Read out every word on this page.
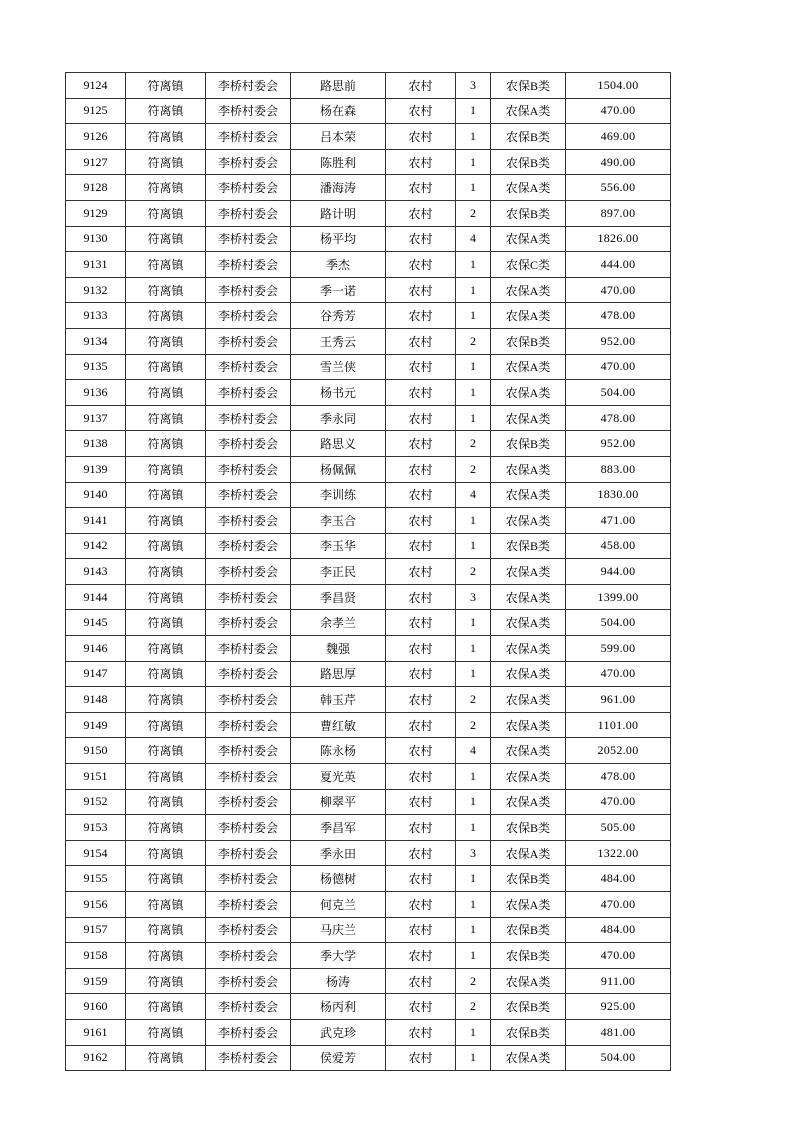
9124	符离镇	李桥村委会	路思前	农村	3	农保B类	1504.00
9125	符离镇	李桥村委会	杨在森	农村	1	农保A类	470.00
9126	符离镇	李桥村委会	吕本荣	农村	1	农保B类	469.00
9127	符离镇	李桥村委会	陈胜利	农村	1	农保B类	490.00
9128	符离镇	李桥村委会	潘海涛	农村	1	农保A类	556.00
9129	符离镇	李桥村委会	路计明	农村	2	农保B类	897.00
9130	符离镇	李桥村委会	杨平均	农村	4	农保A类	1826.00
9131	符离镇	李桥村委会	季杰	农村	1	农保C类	444.00
9132	符离镇	李桥村委会	季一诺	农村	1	农保A类	470.00
9133	符离镇	李桥村委会	谷秀芳	农村	1	农保A类	478.00
9134	符离镇	李桥村委会	王秀云	农村	2	农保B类	952.00
9135	符离镇	李桥村委会	雪兰侠	农村	1	农保A类	470.00
9136	符离镇	李桥村委会	杨书元	农村	1	农保A类	504.00
9137	符离镇	李桥村委会	季永同	农村	1	农保A类	478.00
9138	符离镇	李桥村委会	路思义	农村	2	农保B类	952.00
9139	符离镇	李桥村委会	杨佩佩	农村	2	农保A类	883.00
9140	符离镇	李桥村委会	李训练	农村	4	农保A类	1830.00
9141	符离镇	李桥村委会	李玉合	农村	1	农保A类	471.00
9142	符离镇	李桥村委会	李玉华	农村	1	农保B类	458.00
9143	符离镇	李桥村委会	李正民	农村	2	农保A类	944.00
9144	符离镇	李桥村委会	季昌贤	农村	3	农保A类	1399.00
9145	符离镇	李桥村委会	余孝兰	农村	1	农保A类	504.00
9146	符离镇	李桥村委会	魏强	农村	1	农保A类	599.00
9147	符离镇	李桥村委会	路思厚	农村	1	农保A类	470.00
9148	符离镇	李桥村委会	韩玉芹	农村	2	农保A类	961.00
9149	符离镇	李桥村委会	曹红敏	农村	2	农保A类	1101.00
9150	符离镇	李桥村委会	陈永杨	农村	4	农保A类	2052.00
9151	符离镇	李桥村委会	夏光英	农村	1	农保A类	478.00
9152	符离镇	李桥村委会	柳翠平	农村	1	农保A类	470.00
9153	符离镇	李桥村委会	季昌军	农村	1	农保B类	505.00
9154	符离镇	李桥村委会	季永田	农村	3	农保A类	1322.00
9155	符离镇	李桥村委会	杨德树	农村	1	农保B类	484.00
9156	符离镇	李桥村委会	何克兰	农村	1	农保A类	470.00
9157	符离镇	李桥村委会	马庆兰	农村	1	农保B类	484.00
9158	符离镇	李桥村委会	季大学	农村	1	农保B类	470.00
9159	符离镇	李桥村委会	杨涛	农村	2	农保A类	911.00
9160	符离镇	李桥村委会	杨丙利	农村	2	农保B类	925.00
9161	符离镇	李桥村委会	武克珍	农村	1	农保B类	481.00
9162	符离镇	李桥村委会	侯爱芳	农村	1	农保A类	504.00
